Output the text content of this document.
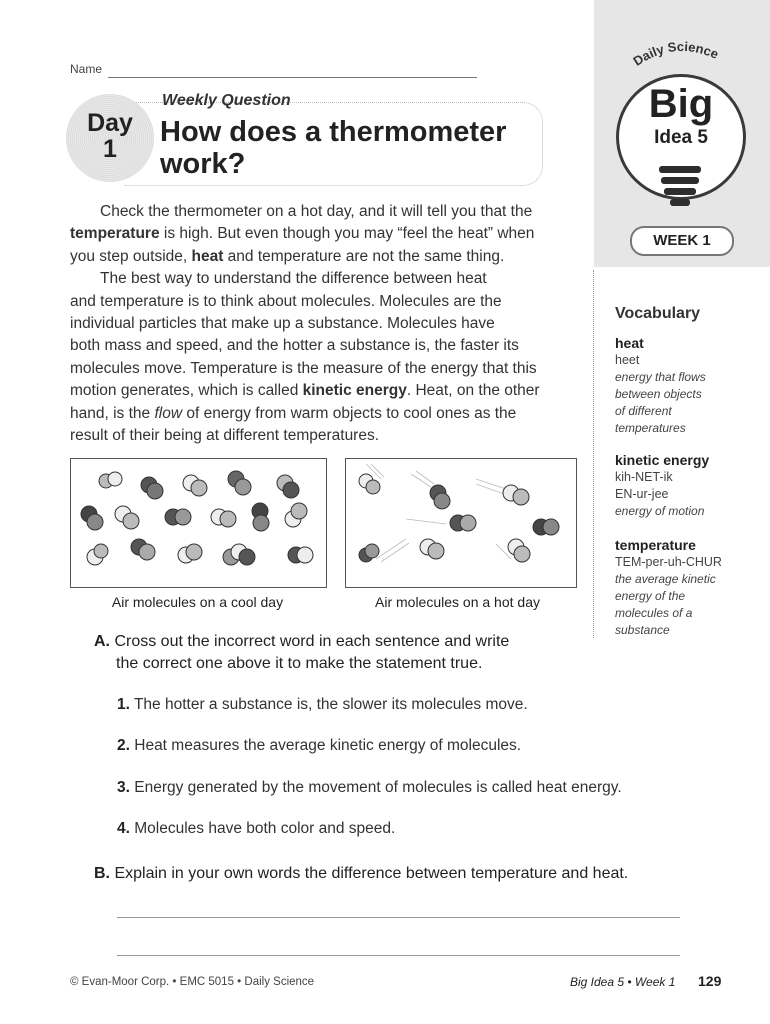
Name
Day
1
Weekly Question
How does a thermometer
work?
Daily Science
Big
Idea 5
WEEK 1
Vocabulary
heat
heet
energy that flows
between objects
of different
temperatures
kinetic energy
kih-NET-ik
EN-ur-jee
energy of motion
temperature
TEM-per-uh-CHUR
the average kinetic
energy of the
molecules of a
substance

Check the thermometer on a hot day, and it will tell you that the

temperature is high. But even though you may “feel the heat” when
you step outside, heat and temperature are not the same thing.

The best way to understand the difference between heat

and temperature is to think about molecules. Molecules are the
individual particles that make up a substance. Molecules have
both mass and speed, and the hotter a substance is, the faster its
molecules move. Temperature is the measure of the energy that this
motion generates, which is called kinetic energy. Heat, on the other
hand, is the flow of energy from warm objects to cool ones as the
result of their being at different temperatures.
Air molecules on a cool day	Air molecules on a hot day
A. Cross out the incorrect word in each sentence and write
the correct one above it to make the statement true.
1. The hotter a substance is, the slower its molecules move.
2. Heat measures the average kinetic energy of molecules.
3. Energy generated by the movement of molecules is called heat energy.
4. Molecules have both color and speed.
B. Explain in your own words the difference between temperature and heat.
© Evan-Moor Corp. • EMC 5015 • Daily Science	Big Idea 5 • Week 1 129
